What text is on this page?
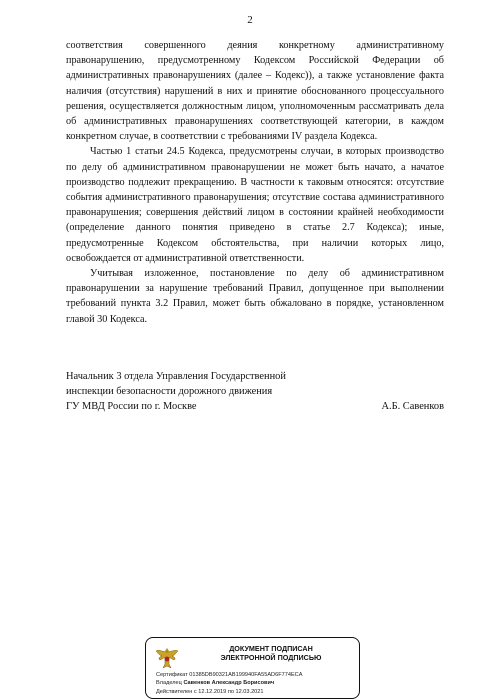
2

соответствия совершенного деяния конкретному административному правонарушению, предусмотренному Кодексом Российской Федерации об административных правонарушениях (далее – Кодекс)), а также установление факта наличия (отсутствия) нарушений в них и принятие обоснованного процессуального решения, осуществляется должностным лицом, уполномоченным рассматривать дела об административных правонарушениях соответствующей категории, в каждом конкретном случае, в соответствии с требованиями IV раздела Кодекса.

Частью 1 статьи 24.5 Кодекса, предусмотрены случаи, в которых производство по делу об административном правонарушении не может быть начато, а начатое производство подлежит прекращению. В частности к таковым относятся: отсутствие события административного правонарушения; отсутствие состава административного правонарушения; совершения действий лицом в состоянии крайней необходимости (определение данного понятия приведено в статье 2.7 Кодекса); иные, предусмотренные Кодексом обстоятельства, при наличии которых лицо, освобождается от административной ответственности.

Учитывая изложенное, постановление по делу об административном правонарушении за нарушение требований Правил, допущенное при выполнении требований пункта 3.2 Правил, может быть обжаловано в порядке, установленном главой 30 Кодекса.

Начальник 3 отдела Управления Государственной
инспекции безопасности дорожного движения
ГУ МВД России по г. Москве	А.Б. Савенков
ДОКУМЕНТ ПОДПИСАН
ЭЛЕКТРОННОЙ ПОДПИСЬЮ
Сертификат 01385DB90321AB199940FA55AD6F774ECA
Владелец Савенков Александр Борисович
Действителен с 12.12.2019 по 12.03.2021
